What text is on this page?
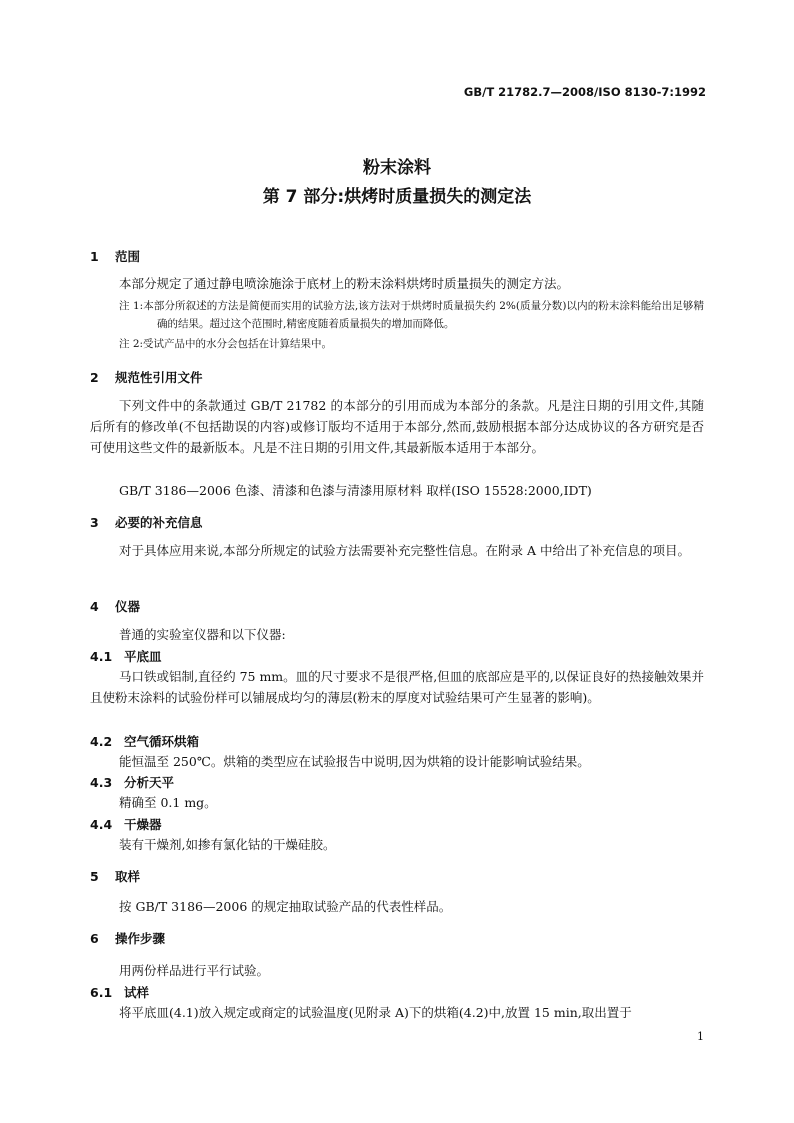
GB/T 21782.7—2008/ISO 8130-7:1992
粉末涂料
第 7 部分:烘烤时质量损失的测定法
1 范围
本部分规定了通过静电喷涂施涂于底材上的粉末涂料烘烤时质量损失的测定方法。
注 1:本部分所叙述的方法是简便而实用的试验方法,该方法对于烘烤时质量损失约 2%(质量分数)以内的粉末涂料能给出足够精确的结果。超过这个范围时,精密度随着质量损失的增加而降低。
注 2:受试产品中的水分会包括在计算结果中。
2 规范性引用文件
下列文件中的条款通过 GB/T 21782 的本部分的引用而成为本部分的条款。凡是注日期的引用文件,其随后所有的修改单(不包括勘误的内容)或修订版均不适用于本部分,然而,鼓励根据本部分达成协议的各方研究是否可使用这些文件的最新版本。凡是不注日期的引用文件,其最新版本适用于本部分。
GB/T 3186—2006 色漆、清漆和色漆与清漆用原材料 取样(ISO 15528:2000,IDT)
3 必要的补充信息
对于具体应用来说,本部分所规定的试验方法需要补充完整性信息。在附录 A 中给出了补充信息的项目。
4 仪器
普通的实验室仪器和以下仪器:
4.1 平底皿
马口铁或铝制,直径约 75 mm。皿的尺寸要求不是很严格,但皿的底部应是平的,以保证良好的热接触效果并且使粉末涂料的试验份样可以铺展成均匀的薄层(粉末的厚度对试验结果可产生显著的影响)。
4.2 空气循环烘箱
能恒温至 250℃。烘箱的类型应在试验报告中说明,因为烘箱的设计能影响试验结果。
4.3 分析天平
精确至 0.1 mg。
4.4 干燥器
装有干燥剂,如掺有氯化钴的干燥硅胶。
5 取样
按 GB/T 3186—2006 的规定抽取试验产品的代表性样品。
6 操作步骤
用两份样品进行平行试验。
6.1 试样
将平底皿(4.1)放入规定或商定的试验温度(见附录 A)下的烘箱(4.2)中,放置 15 min,取出置于
1
